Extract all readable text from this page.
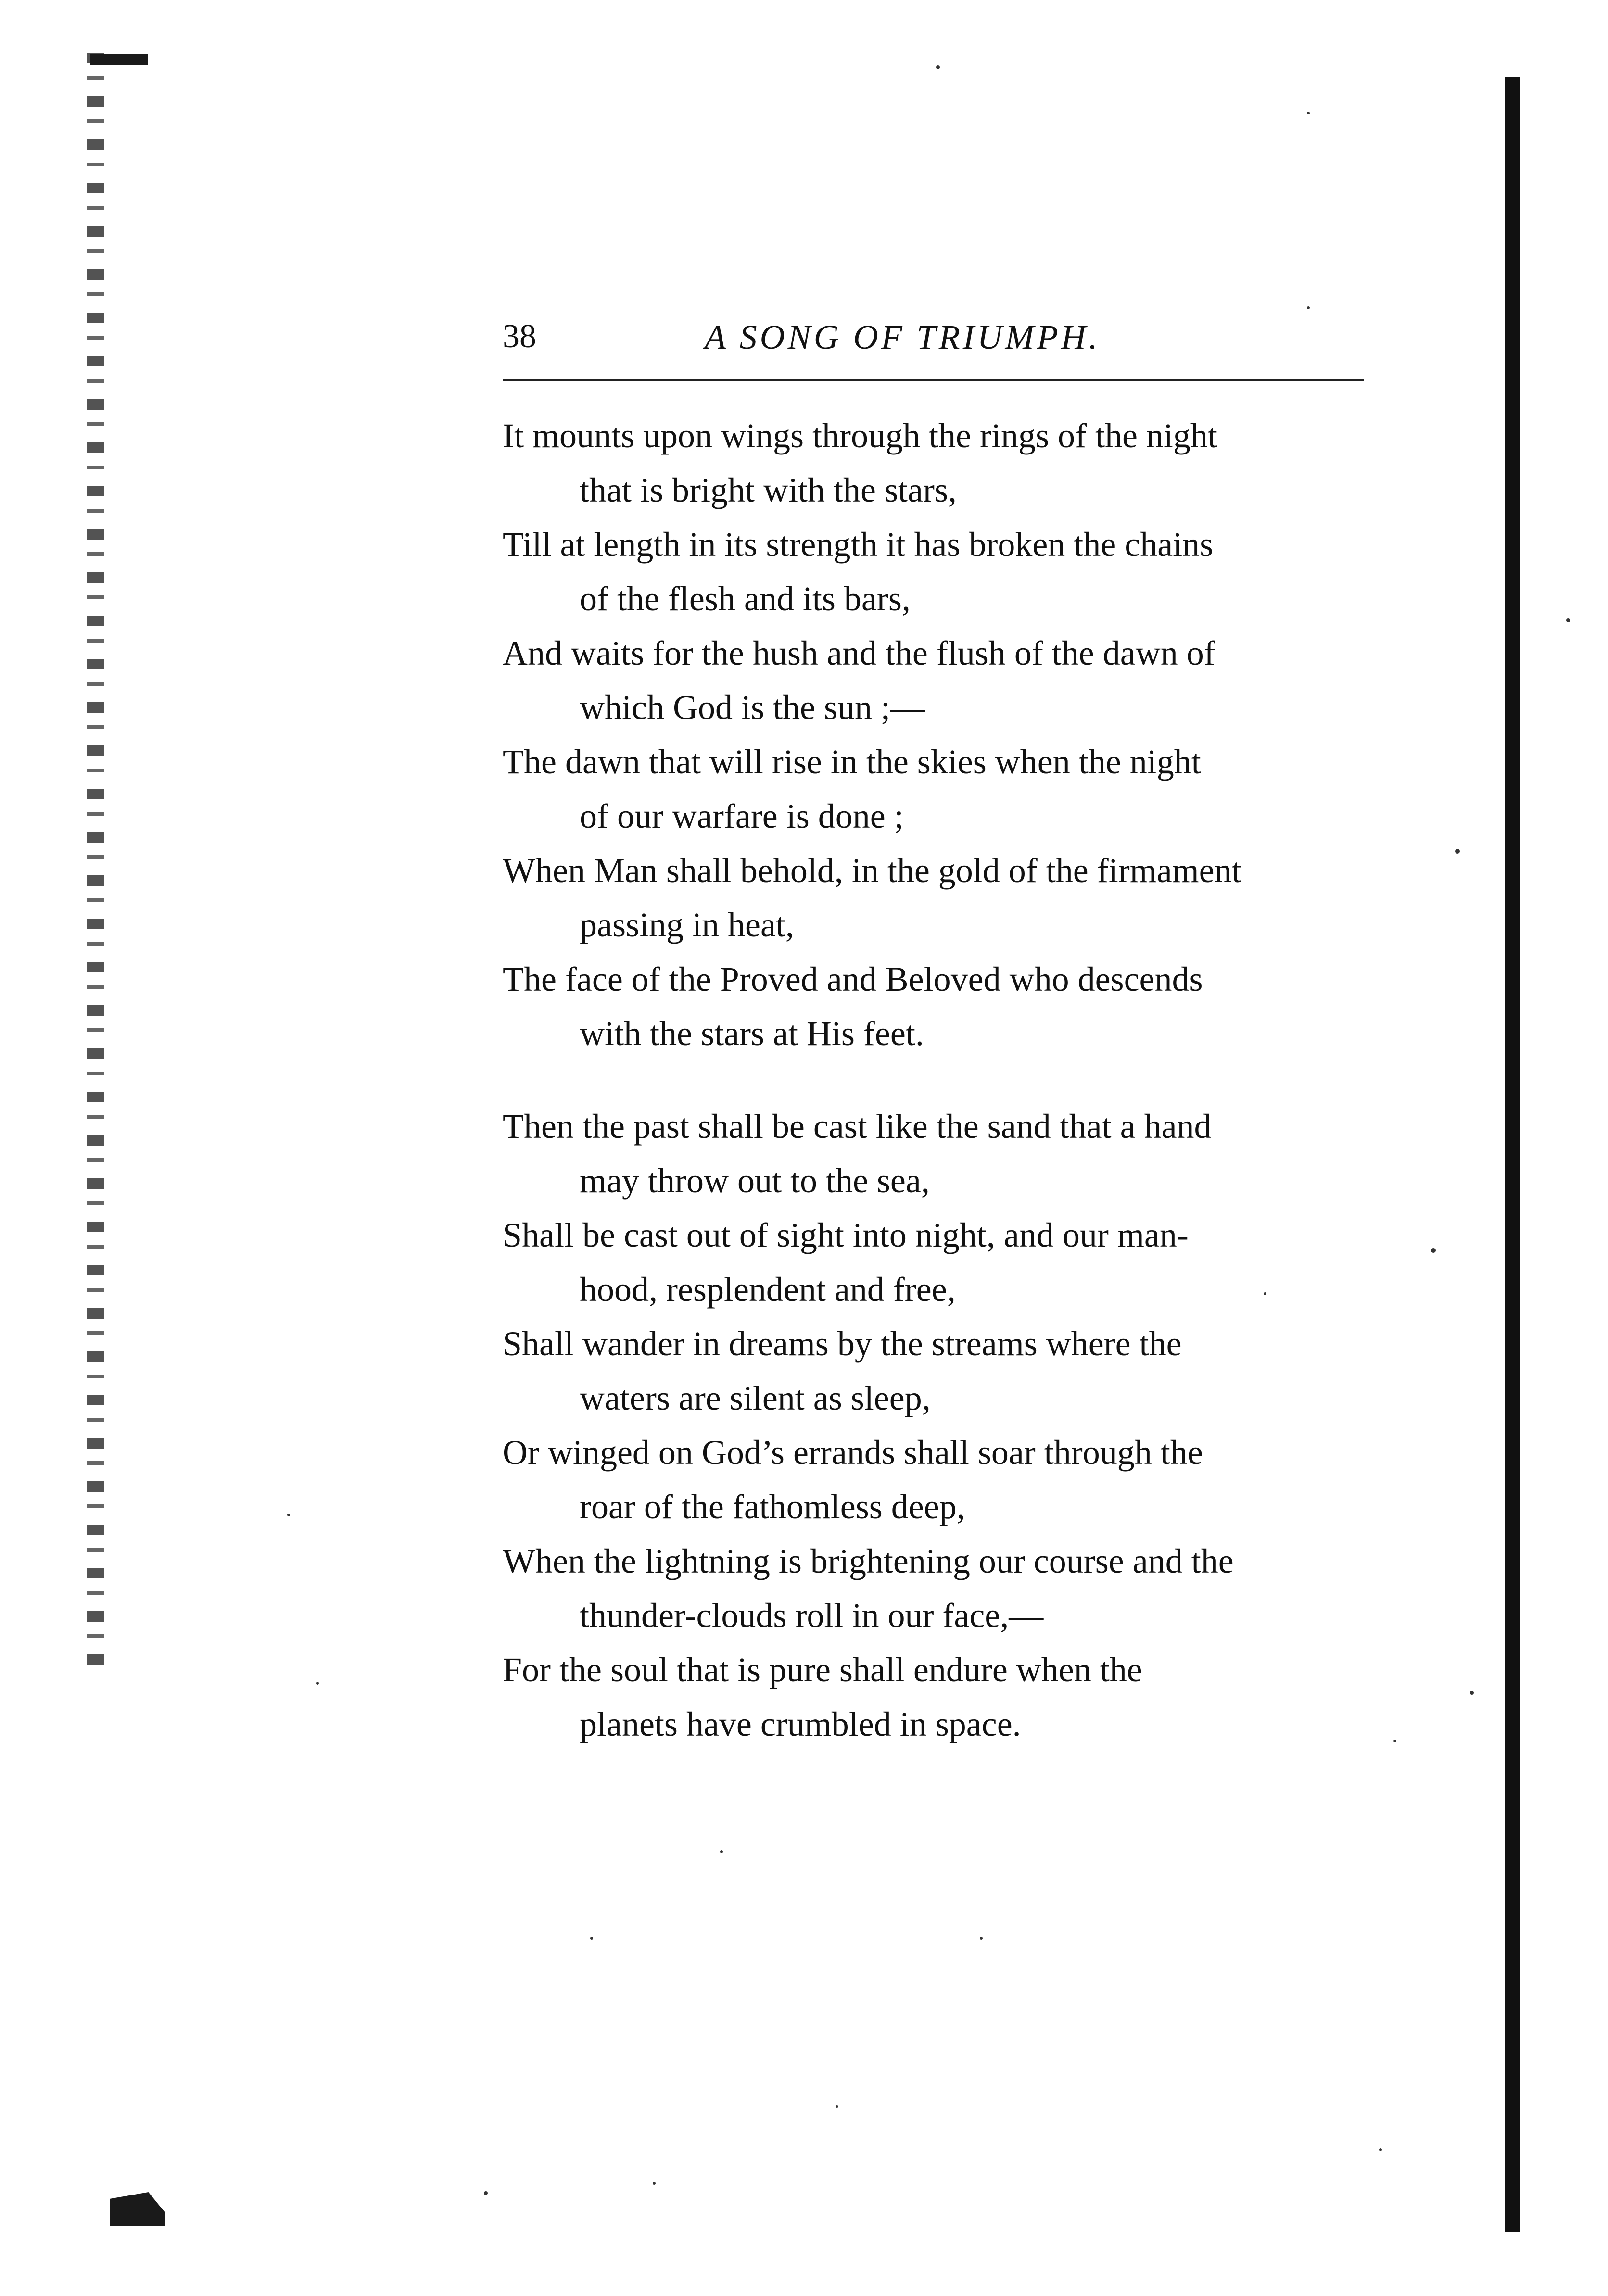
38	A SONG OF TRIUMPH.
It mounts upon wings through the rings of the night
that is bright with the stars,
Till at length in its strength it has broken the chains
of the flesh and its bars,
And waits for the hush and the flush of the dawn of
which God is the sun ;—
The dawn that will rise in the skies when the night
of our warfare is done ;
When Man shall behold, in the gold of the firmament
passing in heat,
The face of the Proved and Beloved who descends
with the stars at His feet.
Then the past shall be cast like the sand that a hand
may throw out to the sea,
Shall be cast out of sight into night, and our man-
hood, resplendent and free,
Shall wander in dreams by the streams where the
waters are silent as sleep,
Or winged on God’s errands shall soar through the
roar of the fathomless deep,
When the lightning is brightening our course and the
thunder-clouds roll in our face,—
For the soul that is pure shall endure when the
planets have crumbled in space.
